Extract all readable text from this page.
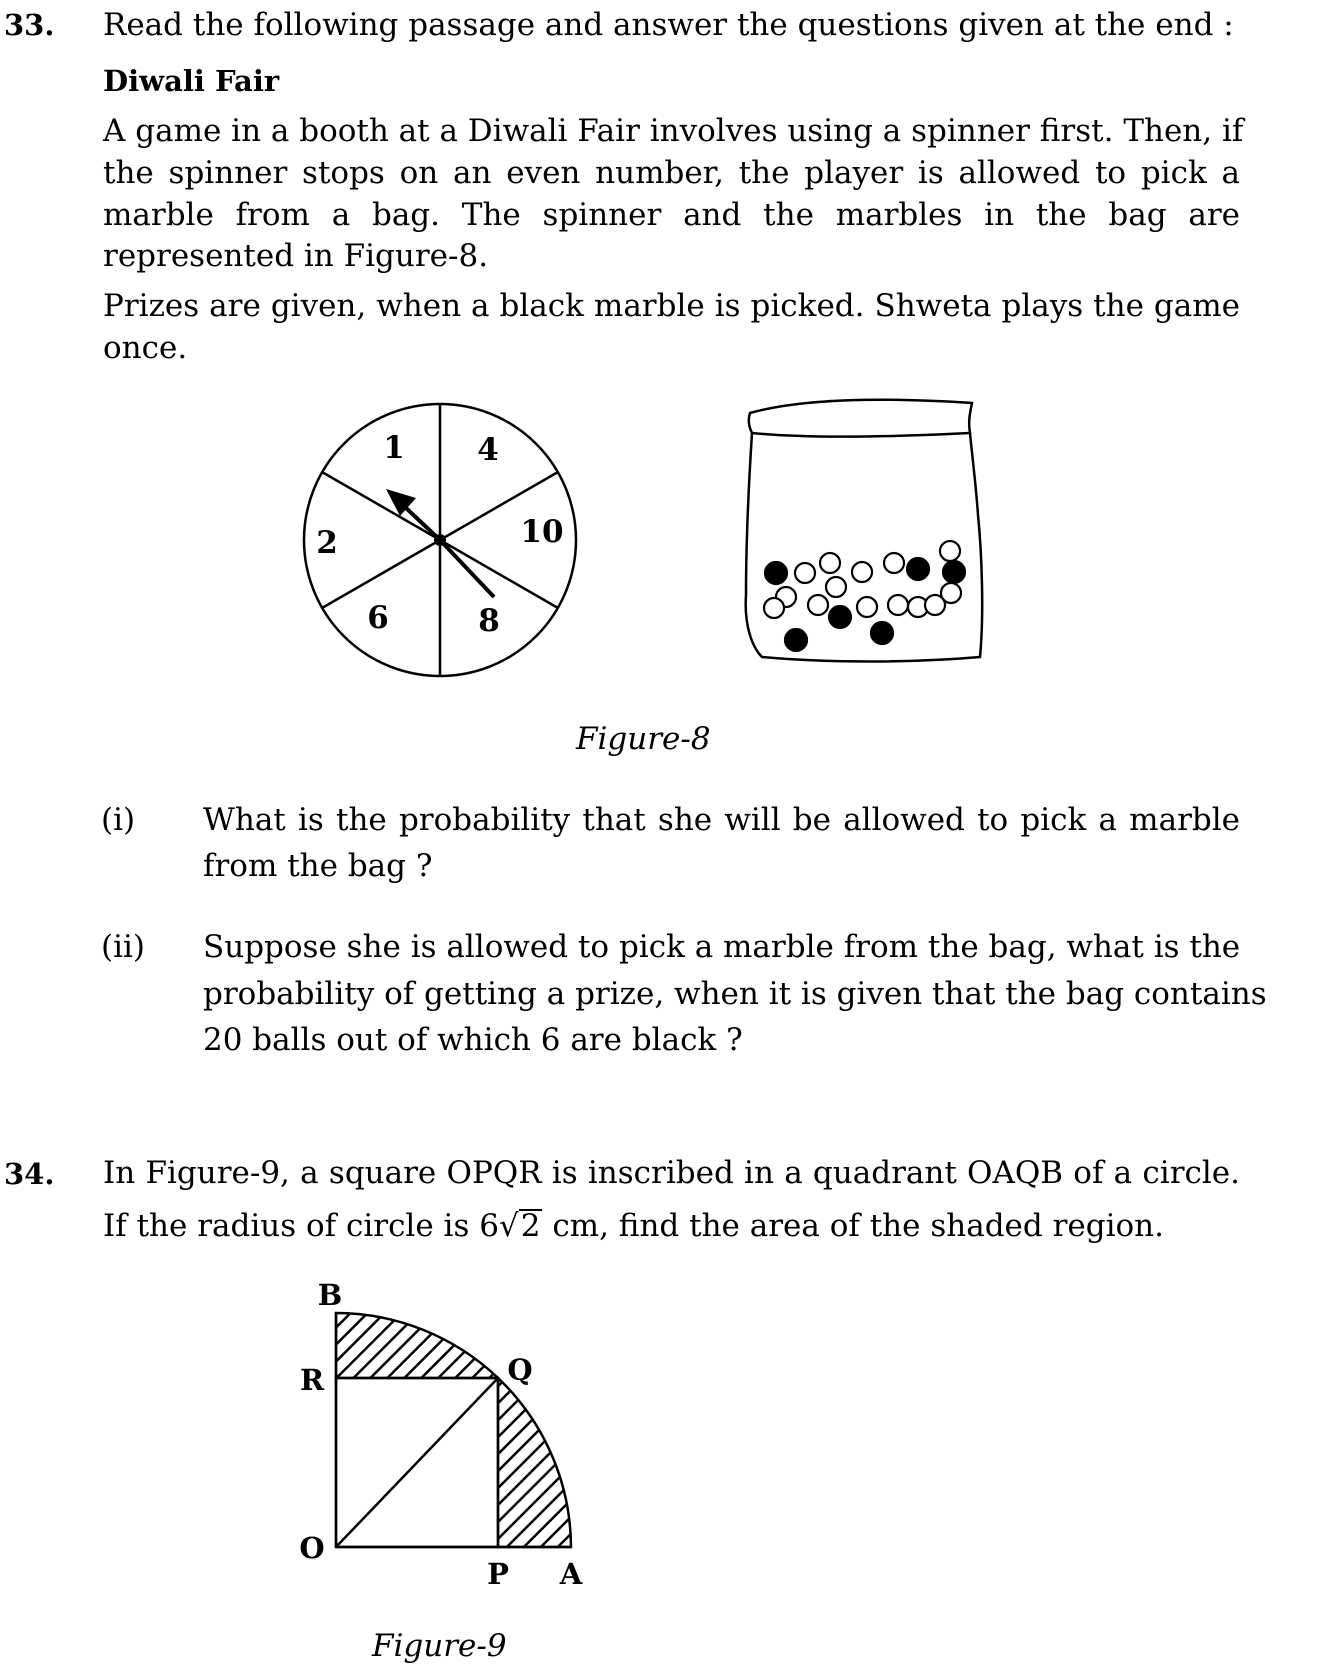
33. Read the following passage and answer the questions given at the end :
Diwali Fair
A game in a booth at a Diwali Fair involves using a spinner first. Then, if
the spinner stops on an even number, the player is allowed to pick a
marble from a bag. The spinner and the marbles in the bag are
represented in Figure-8.
Prizes are given, when a black marble is picked. Shweta plays the game
once.
1 4
10
8
6
2
Figure-8
(i) What is the probability that she will be allowed to pick a marble
from the bag ?
(ii) Suppose she is allowed to pick a marble from the bag, what is the
probability of getting a prize, when it is given that the bag contains
20 balls out of which 6 are black ?
34. In Figure-9, a square OPQR is inscribed in a quadrant OAQB of a circle.
If the radius of circle is 6√2 cm, find the area of the shaded region.
B
R	Q
O
P A
Figure-9
